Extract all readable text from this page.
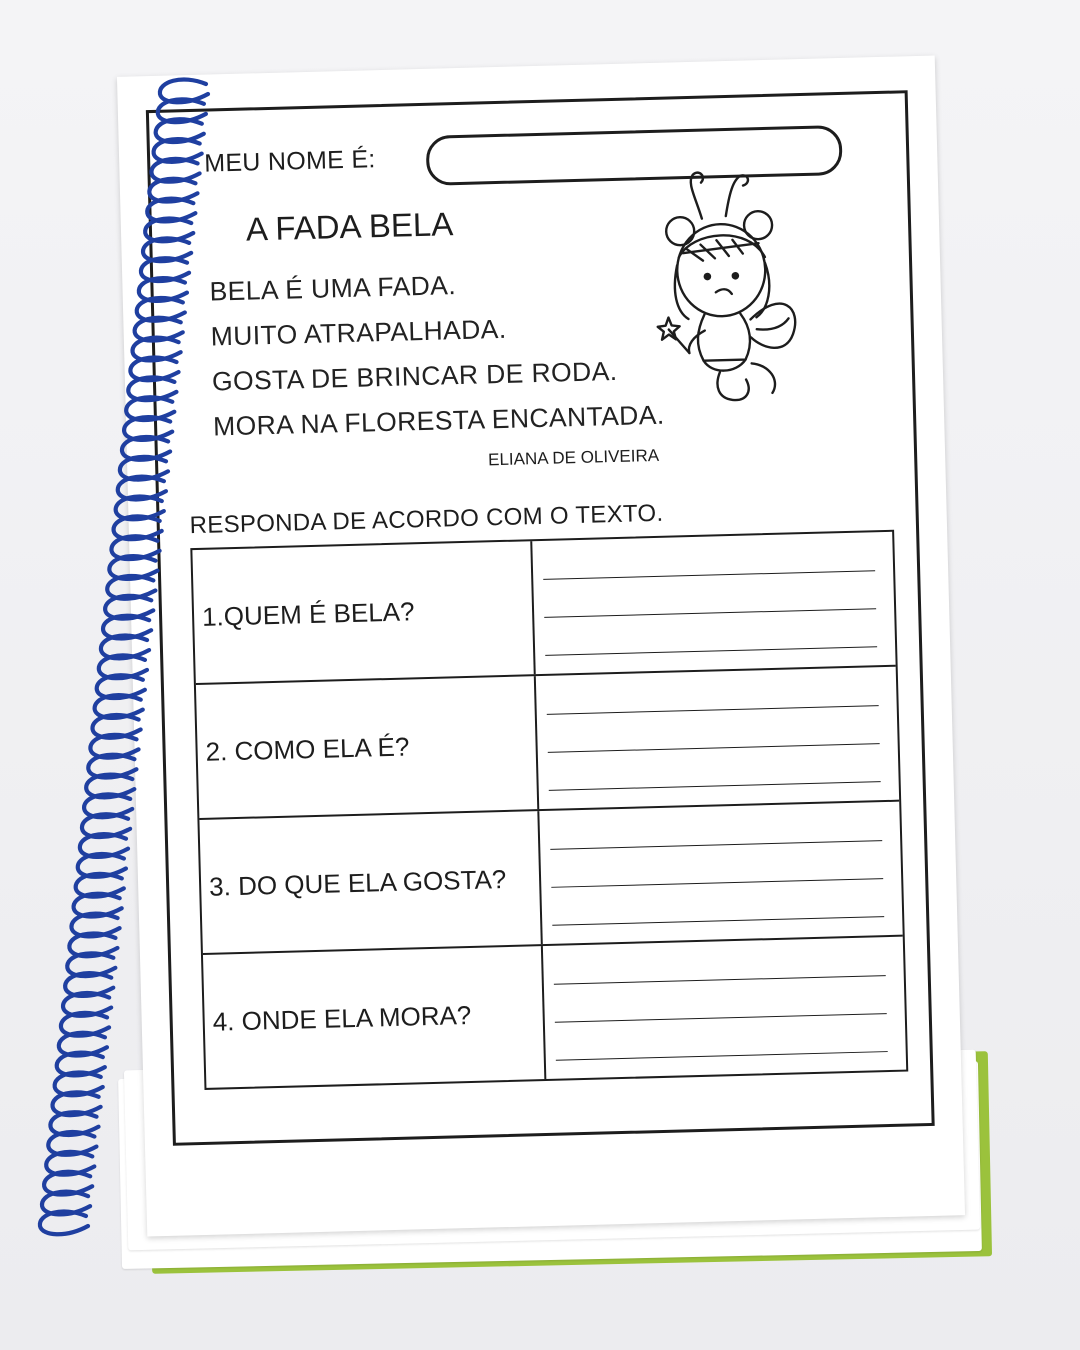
MEU NOME É:
A FADA BELA
BELA É UMA FADA.
MUITO ATRAPALHADA.
GOSTA DE BRINCAR DE RODA.
MORA NA FLORESTA ENCANTADA.
ELIANA DE OLIVEIRA
RESPONDA DE ACORDO COM O TEXTO.
1.QUEM É BELA?
2. COMO ELA É?
3. DO QUE ELA GOSTA?
4. ONDE ELA MORA?
